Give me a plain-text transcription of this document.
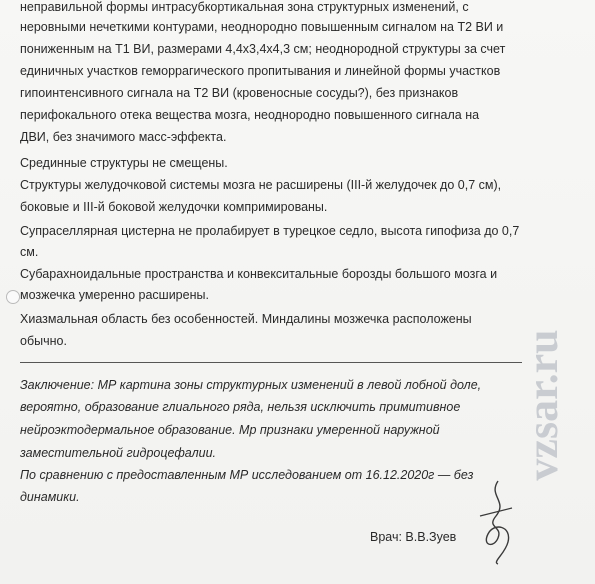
неправильной формы интрасубкортикальная зона структурных изменений, с
неровными нечеткими контурами, неоднородно повышенным сигналом на Т2 ВИ и
пониженным на Т1 ВИ, размерами 4,4х3,4х4,3 см; неоднородной структуры за счет
единичных участков геморрагического пропитывания и линейной формы участков
гипоинтенсивного сигнала на Т2 ВИ (кровеносные сосуды?), без признаков
перифокального отека вещества мозга, неоднородно повышенного сигнала на
ДВИ, без значимого масс-эффекта.
Срединные структуры не смещены.
Структуры желудочковой системы мозга не расширены (III-й желудочек до 0,7 см),
боковые и III-й боковой желудочки компримированы.
Супраселлярная цистерна не пролабирует в турецкое седло, высота гипофиза до 0,7
см.
Субарахноидальные пространства и конвекситальные борозды большого мозга и
мозжечка умеренно расширены.
Хиазмальная область без особенностей. Миндалины мозжечка расположены
обычно.
Заключение: МР картина зоны структурных изменений в левой лобной доле,
вероятно, образование глиального ряда, нельзя исключить примитивное
нейроэктодермальное образование. Мр признаки умеренной наружной
заместительной гидроцефалии.
По сравнению с предоставленным МР исследованием от 16.12.2020г — без
динамики.
Врач: В.В.Зуев
vzsar.ru
